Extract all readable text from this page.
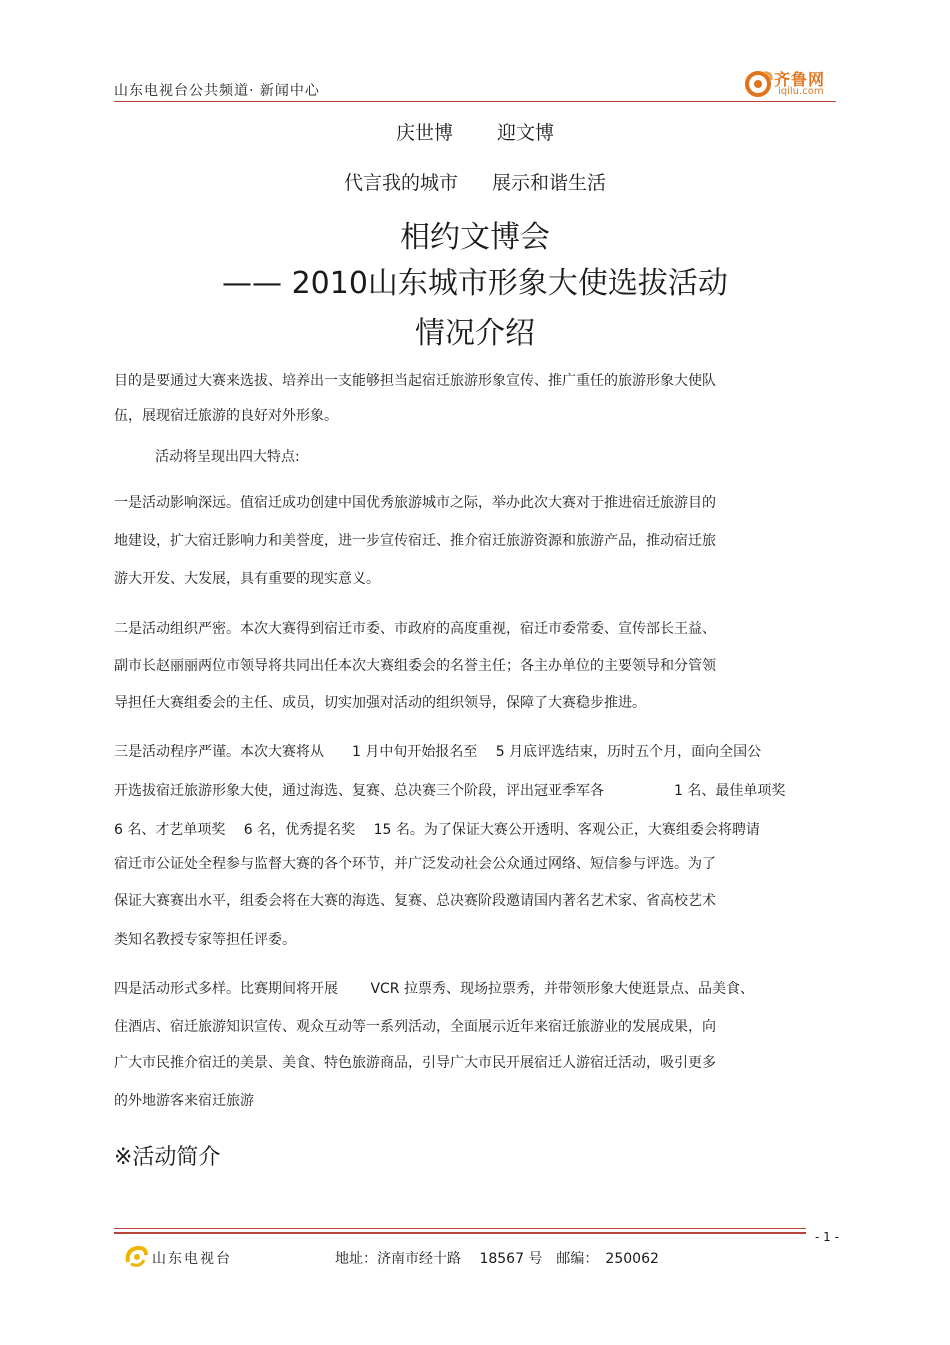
山东电视台公共频道· 新闻中心
齐鲁网
iqilu.com
庆世博 迎文博
代言我的城市 展示和谐生活
相约文博会
—— 2010山东城市形象大使选拔活动
情况介绍
目的是要通过大赛来选拔、培养出一支能够担当起宿迁旅游形象宣传、推广重任的旅游形象大使队
伍，展现宿迁旅游的良好对外形象。
活动将呈现出四大特点:
一是活动影响深远。值宿迁成功创建中国优秀旅游城市之际，举办此次大赛对于推进宿迁旅游目的
地建设，扩大宿迁影响力和美誉度，进一步宣传宿迁、推介宿迁旅游资源和旅游产品，推动宿迁旅
游大开发、大发展，具有重要的现实意义。
二是活动组织严密。本次大赛得到宿迁市委、市政府的高度重视，宿迁市委常委、宣传部长王益、
副市长赵丽丽两位市领导将共同出任本次大赛组委会的名誉主任；各主办单位的主要领导和分管领
导担任大赛组委会的主任、成员，切实加强对活动的组织领导，保障了大赛稳步推进。
三是活动程序严谨。本次大赛将从　　1 月中旬开始报名至　 5 月底评选结束，历时五个月，面向全国公
开选拔宿迁旅游形象大使，通过海选、复赛、总决赛三个阶段，评出冠亚季军各　　　　　1 名、最佳单项奖
6 名、才艺单项奖　 6 名，优秀提名奖　 15 名。为了保证大赛公开透明、客观公正，大赛组委会将聘请
宿迁市公证处全程参与监督大赛的各个环节，并广泛发动社会公众通过网络、短信参与评选。为了
保证大赛赛出水平，组委会将在大赛的海选、复赛、总决赛阶段邀请国内著名艺术家、省高校艺术
类知名教授专家等担任评委。
四是活动形式多样。比赛期间将开展　　 VCR 拉票秀、现场拉票秀，并带领形象大使逛景点、品美食、
住酒店、宿迁旅游知识宣传、观众互动等一系列活动，全面展示近年来宿迁旅游业的发展成果，向
广大市民推介宿迁的美景、美食、特色旅游商品，引导广大市民开展宿迁人游宿迁活动，吸引更多
的外地游客来宿迁旅游
※活动简介
- 1 -
山东电视台	地址：济南市经十路　 18567 号　邮编：　250062
